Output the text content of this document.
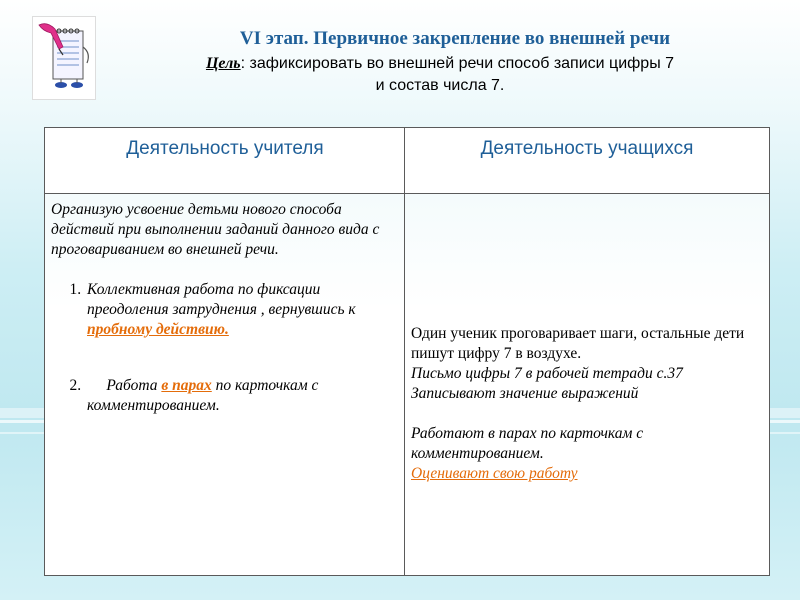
VI этап. Первичное закрепление во внешней речи
Цель: зафиксировать во внешней речи способ записи цифры 7
и состав числа 7.
Деятельность учителя	Деятельность учащихся

Организую усвоение детьми нового способа действий при выполнении заданий данного вида с проговариванием во внешней речи.

1. Коллективная работа по фиксации преодоления затруднения , вернувшись к пробному действию.
2.      Работа в парах по карточкам с комментированием.
Один ученик проговаривает шаги, остальные дети пишут цифру 7 в воздухе.
Письмо цифры 7 в рабочей тетради с.37
Записывают значение выражений
Работают в парах по карточкам с комментированием.
Оценивают свою работу
